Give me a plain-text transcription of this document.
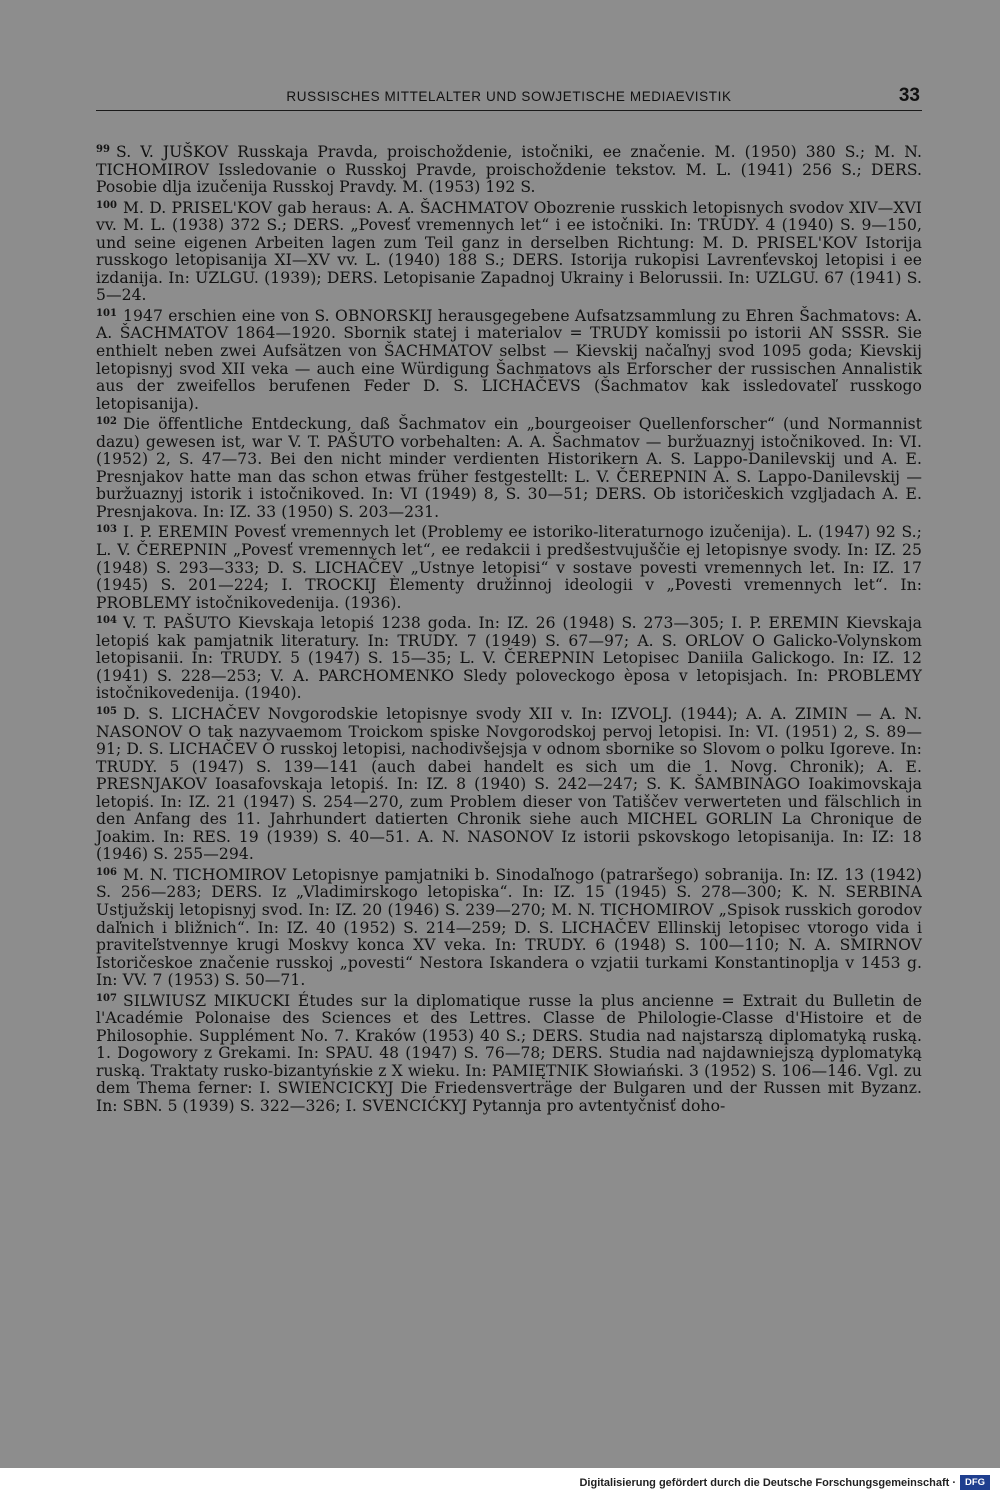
RUSSISCHES MITTELALTER UND SOWJETISCHE MEDIAEVISTIK	33

$^{99}$ S. V. JUŠKOV Russkaja Pravda, proischoždenie, istočniki, ee značenie. M. (1950) 380 S.; M. N. TICHOMIROV Issledovanie o Russkoj Pravde, proischoždenie tekstov. M. L. (1941) 256 S.; DERS. Posobie dlja izučenija Russkoj Pravdy. M. (1953) 192 S.

$^{100}$ M. D. PRISEL'KOV gab heraus: A. A. ŠACHMATOV Obozrenie russkich letopisnych svodov XIV—XVI vv. M. L. (1938) 372 S.; DERS. „Povesť vremennych let“ i ee istočniki. In: TRUDY. 4 (1940) S. 9—150, und seine eigenen Arbeiten lagen zum Teil ganz in derselben Richtung: M. D. PRISEL'KOV Istorija russkogo letopisanija XI—XV vv. L. (1940) 188 S.; DERS. Istorija rukopisi Lavrenťevskoj letopisi i ee izdanija. In: UZLGU. (1939); DERS. Letopisanie Zapadnoj Ukrainy i Belorussii. In: UZLGU. 67 (1941) S. 5—24.

$^{101}$ 1947 erschien eine von S. OBNORSKIJ herausgegebene Aufsatzsammlung zu Ehren Šachmatovs: A. A. ŠACHMATOV 1864—1920. Sbornik statej i materialov = TRUDY komissii po istorii AN SSSR. Sie enthielt neben zwei Aufsätzen von ŠACHMATOV selbst — Kievskij načaľnyj svod 1095 goda; Kievskij letopisnyj svod XII veka — auch eine Würdigung Šachmatovs als Erforscher der russischen Annalistik aus der zweifellos berufenen Feder D. S. LICHAČEVS (Šachmatov kak issledovateľ russkogo letopisanija).

$^{102}$ Die öffentliche Entdeckung, daß Šachmatov ein „bourgeoiser Quellenforscher“ (und Normannist dazu) gewesen ist, war V. T. PAŠUTO vorbehalten: A. A. Šachmatov — buržuaznyj istočnikoved. In: VI. (1952) 2, S. 47—73. Bei den nicht minder verdienten Historikern A. S. Lappo-Danilevskij und A. E. Presnjakov hatte man das schon etwas früher festgestellt: L. V. ČEREPNIN A. S. Lappo-Danilevskij — buržuaznyj istorik i istočnikoved. In: VI (1949) 8, S. 30—51; DERS. Ob istoričeskich vzgljadach A. E. Presnjakova. In: IZ. 33 (1950) S. 203—231.

$^{103}$ I. P. EREMIN Povesť vremennych let (Problemy ee istoriko-literaturnogo izučenija). L. (1947) 92 S.; L. V. ČEREPNIN „Povesť vremennych let“, ee redakcii i predšestvujuščie ej letopisnye svody. In: IZ. 25 (1948) S. 293—333; D. S. LICHAČEV „Ustnye letopisi“ v sostave povesti vremennych let. In: IZ. 17 (1945) S. 201—224; I. TROCKIJ Èlementy družinnoj ideologii v „Povesti vremennych let“. In: PROBLEMY istočnikovedenija. (1936).

$^{104}$ V. T. PAŠUTO Kievskaja letopiś 1238 goda. In: IZ. 26 (1948) S. 273—305; I. P. EREMIN Kievskaja letopiś kak pamjatnik literatury. In: TRUDY. 7 (1949) S. 67—97; A. S. ORLOV O Galicko-Volynskom letopisanii. In: TRUDY. 5 (1947) S. 15—35; L. V. ČEREPNIN Letopisec Daniila Galickogo. In: IZ. 12 (1941) S. 228—253; V. A. PARCHOMENKO Sledy poloveckogo èposa v letopisjach. In: PROBLEMY istočnikovedenija. (1940).

$^{105}$ D. S. LICHAČEV Novgorodskie letopisnye svody XII v. In: IZVOLJ. (1944); A. A. ZIMIN — A. N. NASONOV O tak nazyvaemom Troickom spiske Novgorodskoj pervoj letopisi. In: VI. (1951) 2, S. 89—91; D. S. LICHAČEV O russkoj letopisi, nachodivšejsja v odnom sbornike so Slovom o polku Igoreve. In: TRUDY. 5 (1947) S. 139—141 (auch dabei handelt es sich um die 1. Novg. Chronik); A. E. PRESNJAKOV Ioasafovskaja letopiś. In: IZ. 8 (1940) S. 242—247; S. K. ŠAMBINAGO Ioakimovskaja letopiś. In: IZ. 21 (1947) S. 254—270, zum Problem dieser von Tatiščev verwerteten und fälschlich in den Anfang des 11. Jahrhundert datierten Chronik siehe auch MICHEL GORLIN La Chronique de Joakim. In: RES. 19 (1939) S. 40—51. A. N. NASONOV Iz istorii pskovskogo letopisanija. In: IZ: 18 (1946) S. 255—294.

$^{106}$ M. N. TICHOMIROV Letopisnye pamjatniki b. Sinodaľnogo (patraršego) sobranija. In: IZ. 13 (1942) S. 256—283; DERS. Iz „Vladimirskogo letopiska“. In: IZ. 15 (1945) S. 278—300; K. N. SERBINA Ustjužskij letopisnyj svod. In: IZ. 20 (1946) S. 239—270; M. N. TICHOMIROV „Spisok russkich gorodov daľnich i bližnich“. In: IZ. 40 (1952) S. 214—259; D. S. LICHAČEV Ellinskij letopisec vtorogo vida i praviteľstvennye krugi Moskvy konca XV veka. In: TRUDY. 6 (1948) S. 100—110; N. A. SMIRNOV Istoričeskoe značenie russkoj „povesti“ Nestora Iskandera o vzjatii turkami Konstantinoplja v 1453 g. In: VV. 7 (1953) S. 50—71.

$^{107}$ SILWIUSZ MIKUCKI Études sur la diplomatique russe la plus ancienne = Extrait du Bulletin de l'Académie Polonaise des Sciences et des Lettres. Classe de Philologie-Classe d'Histoire et de Philosophie. Supplément No. 7. Kraków (1953) 40 S.; DERS. Studia nad najstarszą diplomatyką ruską. 1. Dogowory z Grekami. In: SPAU. 48 (1947) S. 76—78; DERS. Studia nad najdawniejszą dyplomatyką ruską. Traktaty rusko-bizantyńskie z X wieku. In: PAMIĘTNIK Słowiański. 3 (1952) S. 106—146. Vgl. zu dem Thema ferner: I. SWIENCICKYJ Die Friedensverträge der Bulgaren und der Russen mit Byzanz. In: SBN. 5 (1939) S. 322—326; I. SVENCIĆKYJ Pytannja pro avtentyčnisť doho-

Digitalisierung gefördert durch die Deutsche Forschungsgemeinschaft · DFG
